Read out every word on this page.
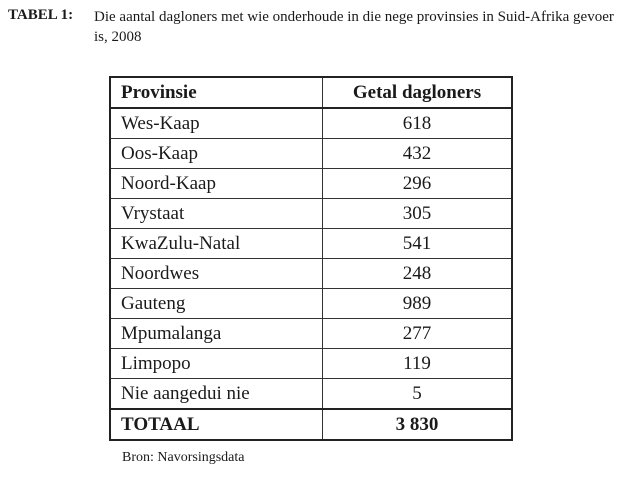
TABEL 1: Die aantal dagloners met wie onderhoude in die nege provinsies in Suid-Afrika gevoer is, 2008
Provinsie	Getal dagloners
Wes-Kaap	618
Oos-Kaap	432
Noord-Kaap	296
Vrystaat	305
KwaZulu-Natal	541
Noordwes	248
Gauteng	989
Mpumalanga	277
Limpopo	119
Nie aangedui nie	5
TOTAAL	3 830
Bron: Navorsingsdata
